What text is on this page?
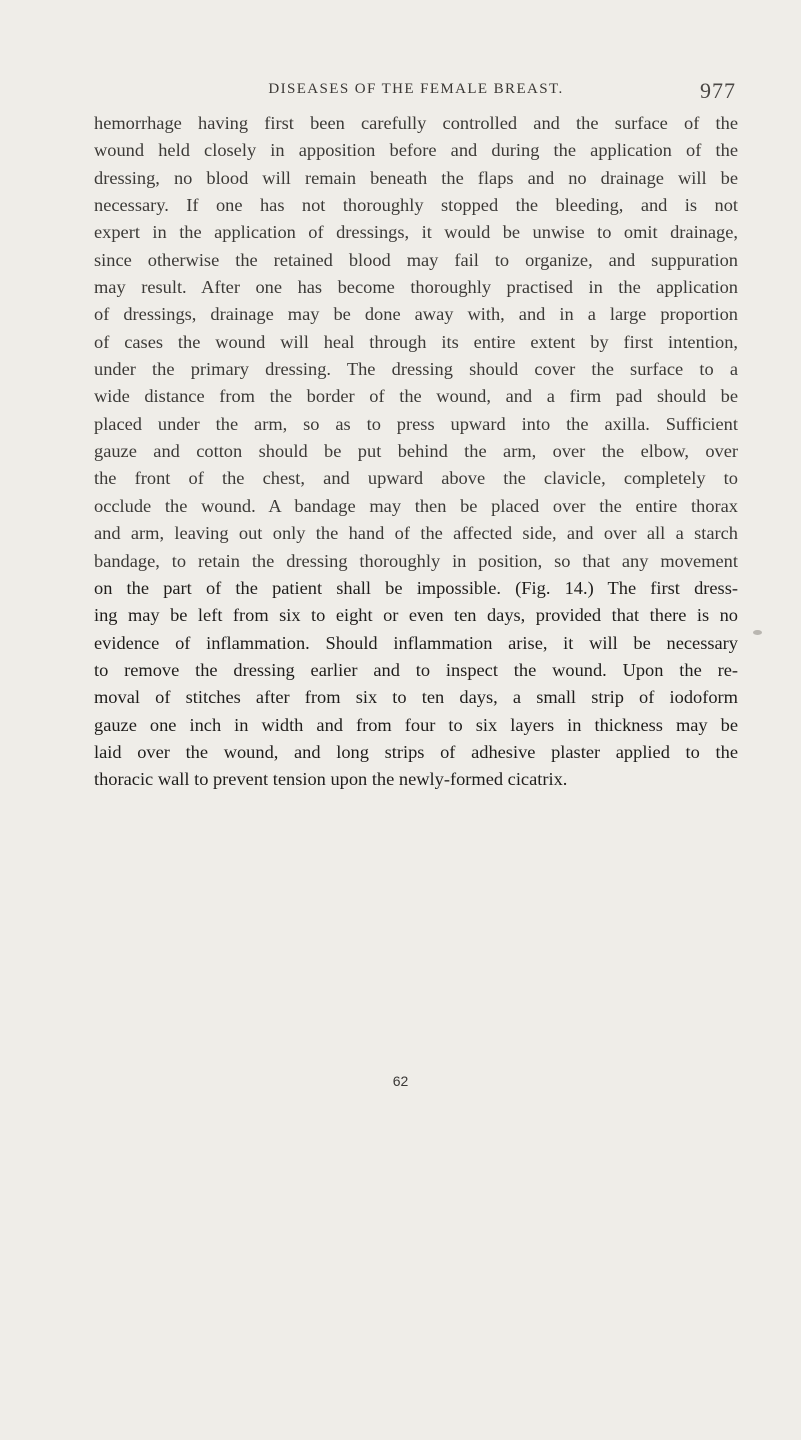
DISEASES OF THE FEMALE BREAST.	977
hemorrhage having first been carefully controlled and the surface of the
wound held closely in apposition before and during the application of the
dressing, no blood will remain beneath the flaps and no drainage will be
necessary. If one has not thoroughly stopped the bleeding, and is not
expert in the application of dressings, it would be unwise to omit drainage,
since otherwise the retained blood may fail to organize, and suppuration
may result. After one has become thoroughly practised in the application
of dressings, drainage may be done away with, and in a large proportion
of cases the wound will heal through its entire extent by first intention,
under the primary dressing. The dressing should cover the surface to a
wide distance from the border of the wound, and a firm pad should be
placed under the arm, so as to press upward into the axilla. Sufficient
gauze and cotton should be put behind the arm, over the elbow, over
the front of the chest, and upward above the clavicle, completely to
occlude the wound. A bandage may then be placed over the entire thorax
and arm, leaving out only the hand of the affected side, and over all a starch
bandage, to retain the dressing thoroughly in position, so that any movement
on the part of the patient shall be impossible. (Fig. 14.) The first dress-
ing may be left from six to eight or even ten days, provided that there is no
evidence of inflammation. Should inflammation arise, it will be necessary
to remove the dressing earlier and to inspect the wound. Upon the re-
moval of stitches after from six to ten days, a small strip of iodoform
gauze one inch in width and from four to six layers in thickness may be
laid over the wound, and long strips of adhesive plaster applied to the
thoracic wall to prevent tension upon the newly-formed cicatrix.
62
